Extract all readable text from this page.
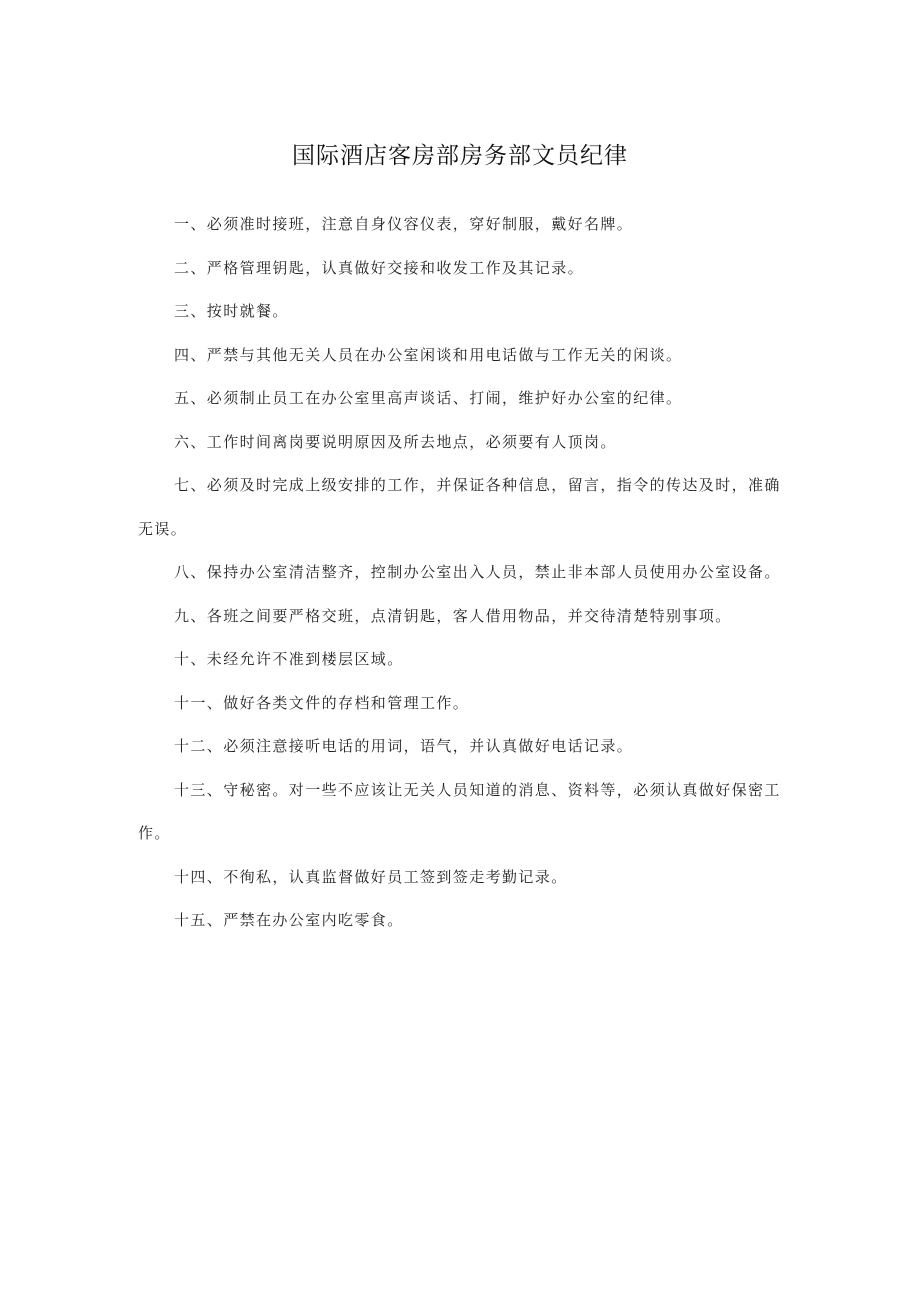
国际酒店客房部房务部文员纪律

一、必须准时接班，注意自身仪容仪表，穿好制服，戴好名牌。

二、严格管理钥匙，认真做好交接和收发工作及其记录。

三、按时就餐。

四、严禁与其他无关人员在办公室闲谈和用电话做与工作无关的闲谈。

五、必须制止员工在办公室里高声谈话、打闹，维护好办公室的纪律。

六、工作时间离岗要说明原因及所去地点，必须要有人顶岗。

七、必须及时完成上级安排的工作，并保证各种信息，留言，指令的传达及时，准确无误。

八、保持办公室清洁整齐，控制办公室出入人员，禁止非本部人员使用办公室设备。

九、各班之间要严格交班，点清钥匙，客人借用物品，并交待清楚特别事项。

十、未经允许不准到楼层区域。

十一、做好各类文件的存档和管理工作。

十二、必须注意接听电话的用词，语气，并认真做好电话记录。

十三、守秘密。对一些不应该让无关人员知道的消息、资料等，必须认真做好保密工作。

十四、不徇私，认真监督做好员工签到签走考勤记录。

十五、严禁在办公室内吃零食。
